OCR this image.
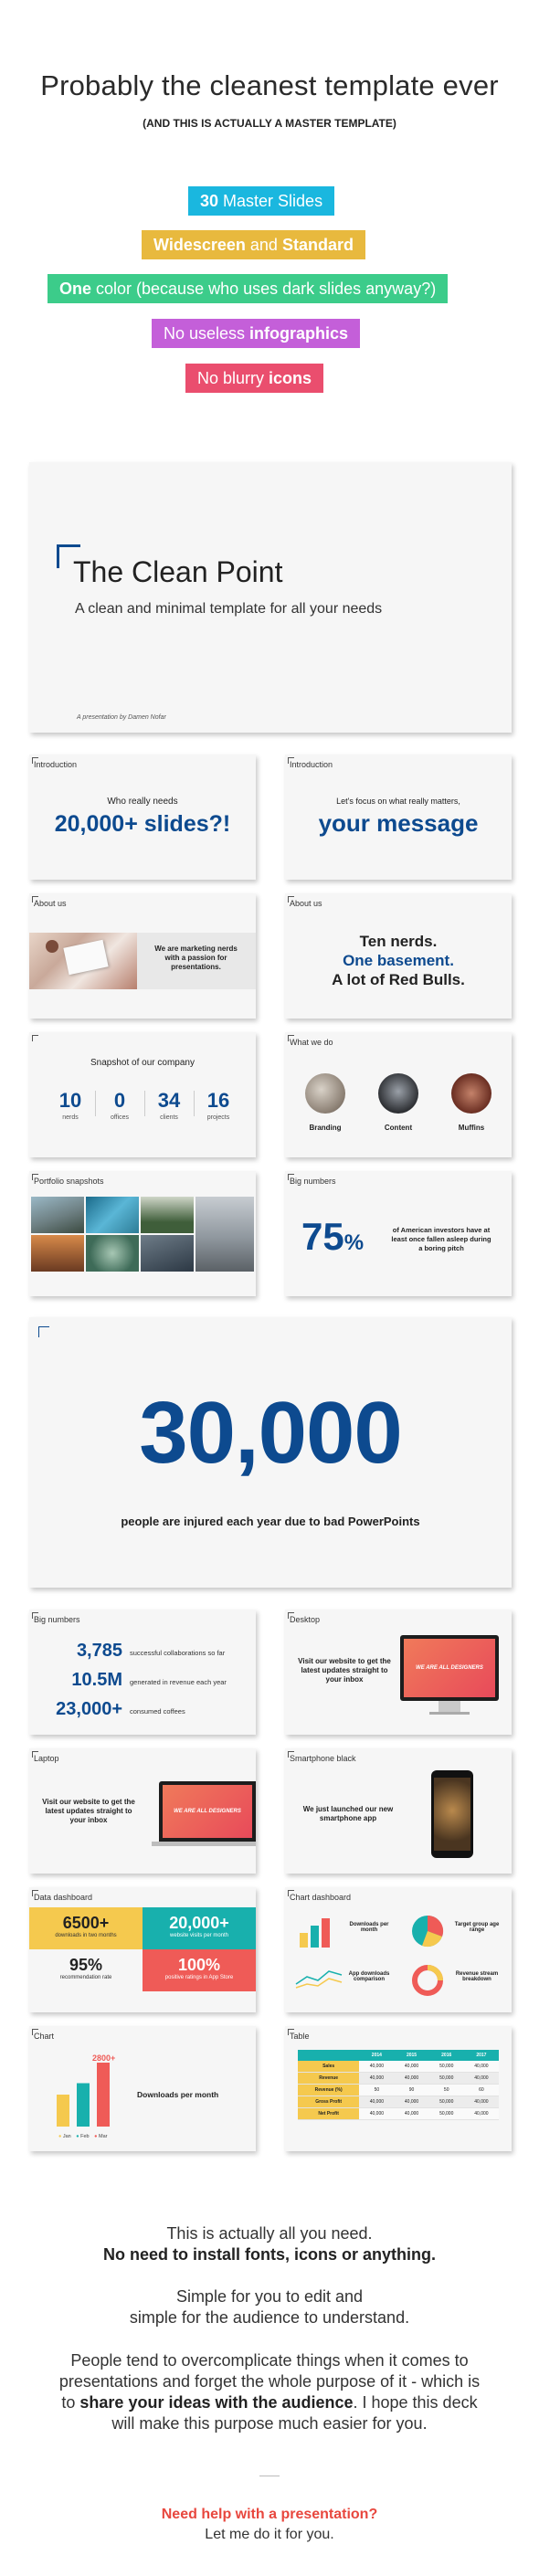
Probably the cleanest template ever
(AND THIS IS ACTUALLY A MASTER TEMPLATE)
30 Master Slides
Widescreen and Standard
One color (because who uses dark slides anyway?)
No useless infographics
No blurry icons
The Clean Point
A clean and minimal template for all your needs
A presentation by Damen Nofar
Introduction
Who really needs
20,000+ slides?!
Introduction
Let's focus on what really matters,
your message
About us
We are marketing nerds with a passion for presentations.
About us
Ten nerds.
One basement.
A lot of Red Bulls.
Snapshot of our company
10
nerds
0
offices
34
clients
16
projects
What we do
Branding	Content	Muffins
Portfolio snapshots	Big numbers
75%
of American investors have at least once fallen asleep during a boring pitch
30,000
people are injured each year due to bad PowerPoints
Big numbers
3,785 successful collaborations so far
10.5M generated in revenue each year
23,000+ consumed coffees
Desktop
Visit our website to get the latest updates straight to your inbox
WE ARE ALL DESIGNERS
Laptop
Visit our website to get the latest updates straight to your inbox
WE ARE ALL DESIGNERS
Smartphone black
We just launched our new smartphone app
Data dashboard
6500+
downloads in two months
20,000+
website visits per month
95%
recommendation rate
100%
positive ratings in App Store
Chart dashboard
Downloads per month
Target group age range
App downloads comparison
Revenue stream breakdown
Chart
2800+
● Jan ● Feb ● Mar
Downloads per month
Table
	2014	2015	2016	2017
Sales	40,000	40,000	50,000	40,000
Revenue	40,000	40,000	50,000	40,000
Revenue (%)	50	90	50	60
Gross Profit	40,000	40,000	50,000	40,000
Net Profit	40,000	40,000	50,000	40,000
This is actually all you need.
No need to install fonts, icons or anything.
Simple for you to edit and
simple for the audience to understand.
People tend to overcomplicate things when it comes to
presentations and forget the whole purpose of it - which is
to share your ideas with the audience. I hope this deck
will make this purpose much easier for you.
Need help with a presentation?
Let me do it for you.
